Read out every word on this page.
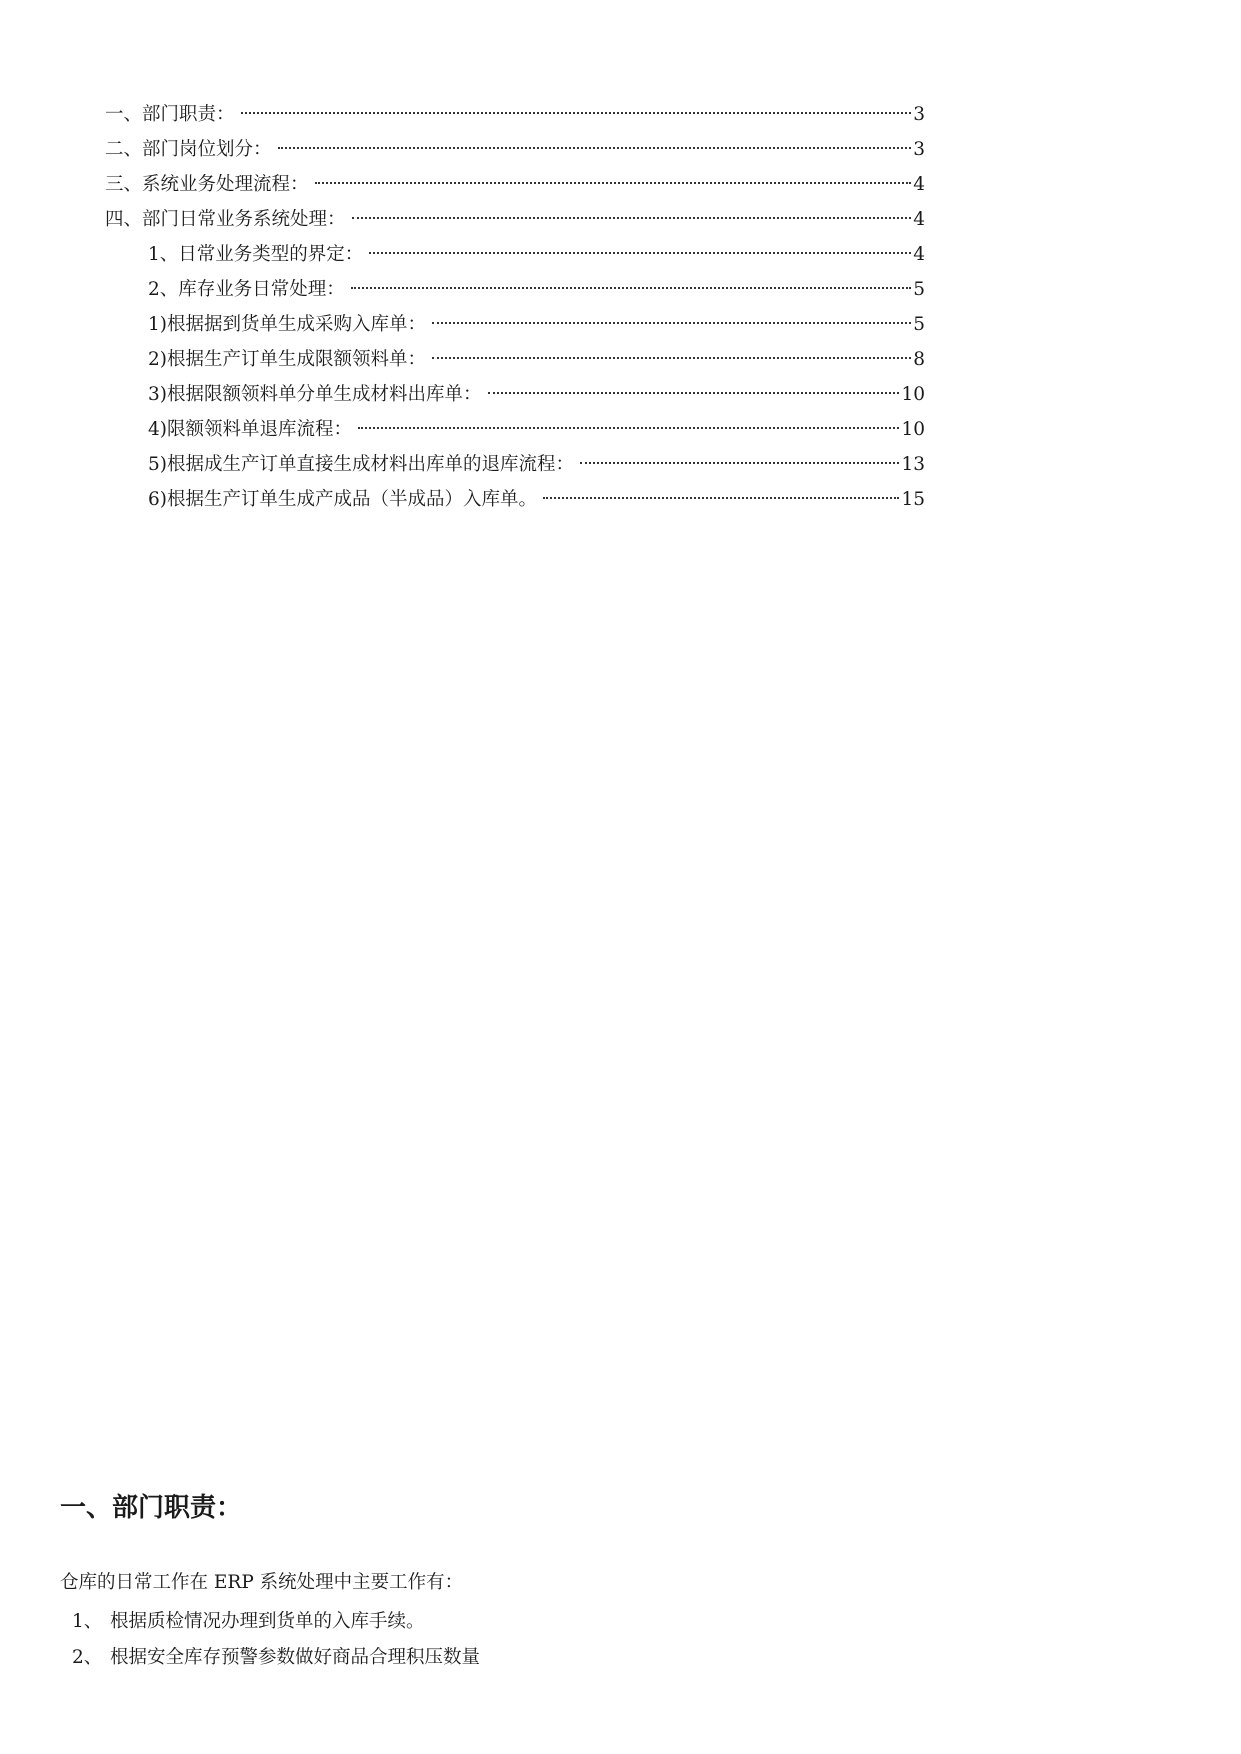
一、部门职责：	3
二、部门岗位划分：	3
三、系统业务处理流程：	4
四、部门日常业务系统处理：	4
1、日常业务类型的界定：	4
2、库存业务日常处理：	5
1)根据据到货单生成采购入库单：	5
2)根据生产订单生成限额领料单：	8
3)根据限额领料单分单生成材料出库单：	10
4)限额领料单退库流程：	10
5)根据成生产订单直接生成材料出库单的退库流程：	13
6)根据生产订单生成产成品（半成品）入库单。	15
一、部门职责：
仓库的日常工作在 ERP 系统处理中主要工作有：
1、 根据质检情况办理到货单的入库手续。
2、 根据安全库存预警参数做好商品合理积压数量
